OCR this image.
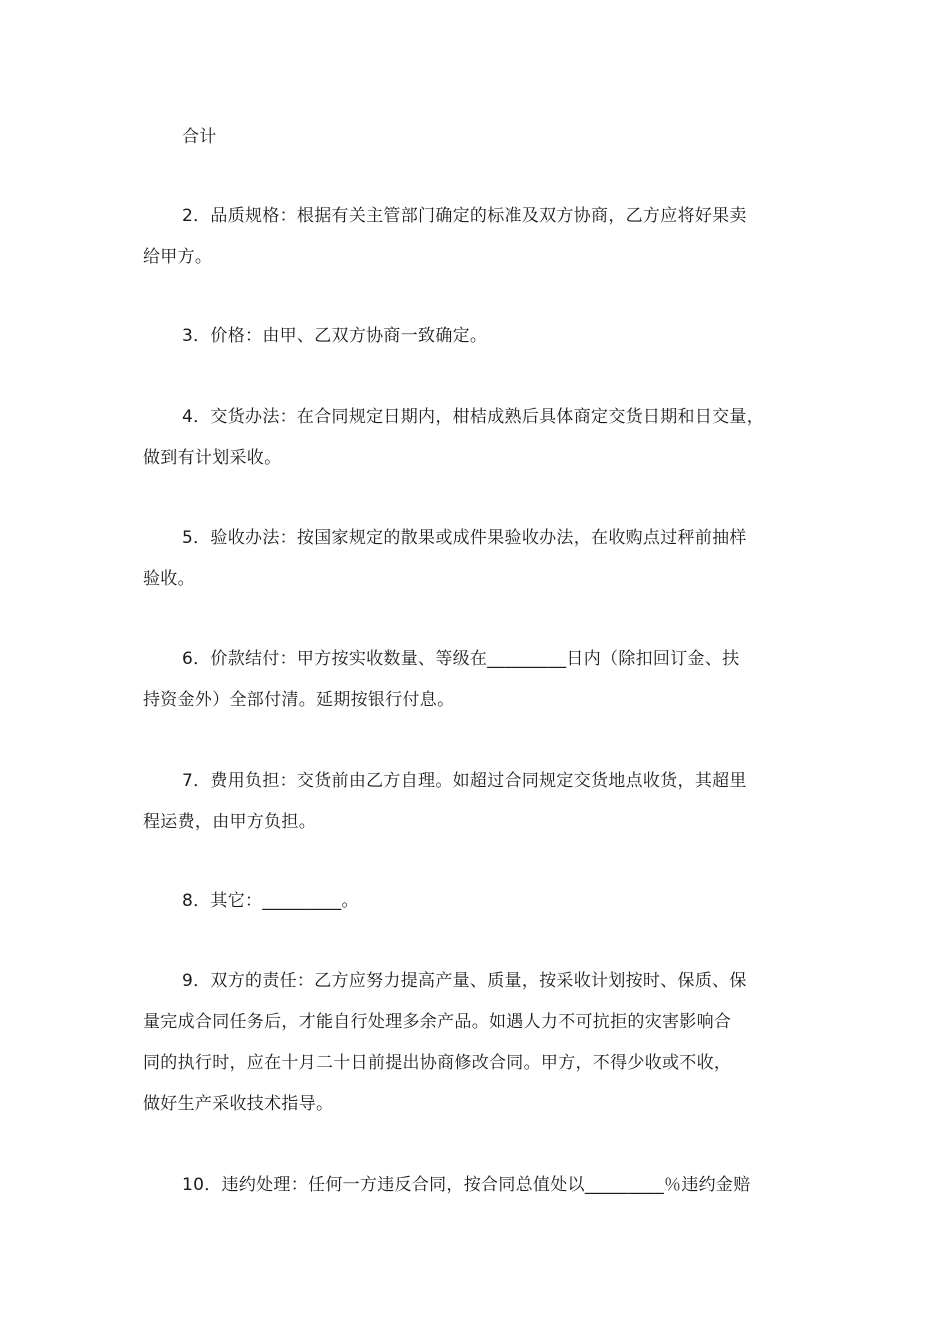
合计

2．品质规格：根据有关主管部门确定的标准及双方协商，乙方应将好果卖
给甲方。

3．价格：由甲、乙双方协商一致确定。

4．交货办法：在合同规定日期内，柑桔成熟后具体商定交货日期和日交量，
做到有计划采收。

5．验收办法：按国家规定的散果或成件果验收办法，在收购点过秤前抽样
验收。

6．价款结付：甲方按实收数量、等级在_________日内（除扣回订金、扶
持资金外）全部付清。延期按银行付息。

7．费用负担：交货前由乙方自理。如超过合同规定交货地点收货，其超里
程运费，由甲方负担。

8．其它：_________。

9．双方的责任：乙方应努力提高产量、质量，按采收计划按时、保质、保
量完成合同任务后，才能自行处理多余产品。如遇人力不可抗拒的灾害影响合
同的执行时，应在十月二十日前提出协商修改合同。甲方，不得少收或不收，
做好生产采收技术指导。

10．违约处理：任何一方违反合同，按合同总值处以_________％违约金赔
